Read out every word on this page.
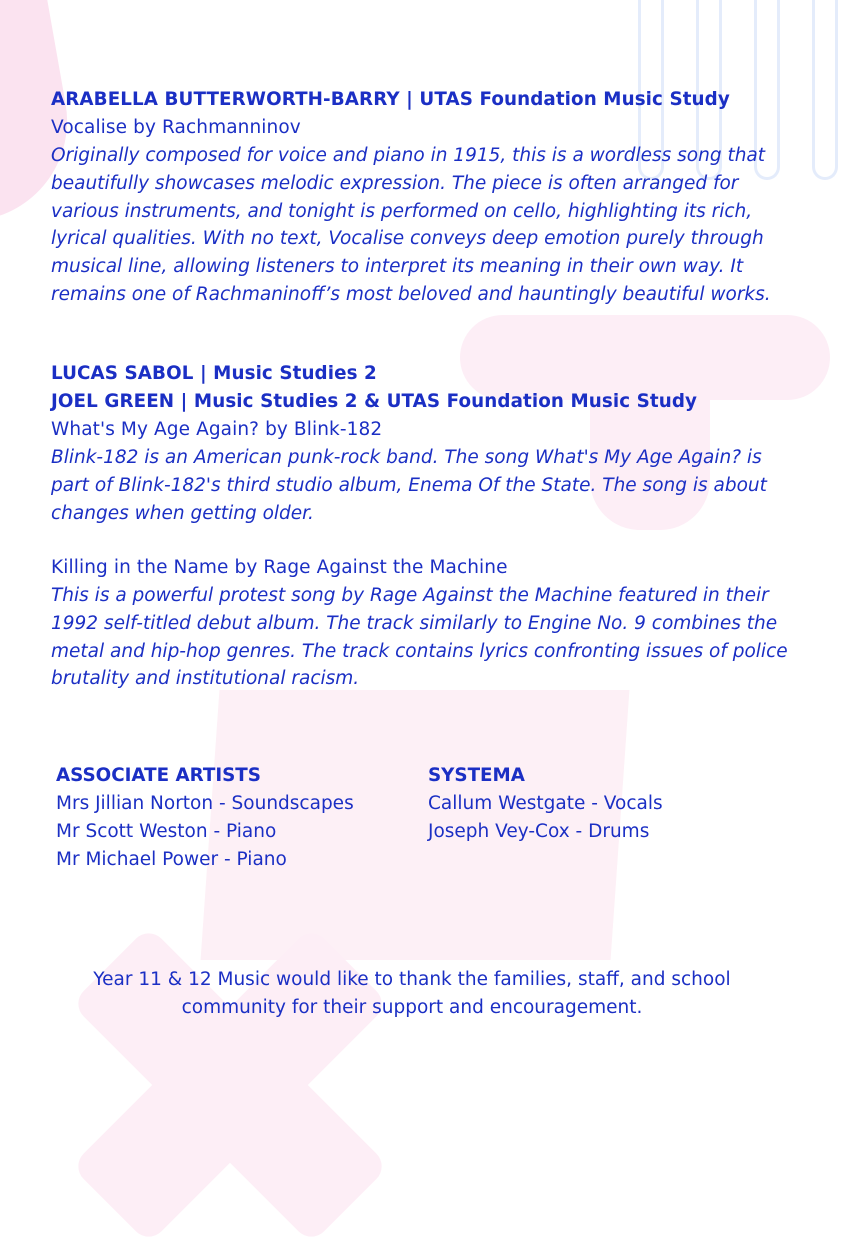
ARABELLA BUTTERWORTH-BARRY | UTAS Foundation Music Study

Vocalise by Rachmanninov

Originally composed for voice and piano in 1915, this is a wordless song that
beautifully showcases melodic expression. The piece is often arranged for
various instruments, and tonight is performed on cello, highlighting its rich,
lyrical qualities. With no text, Vocalise conveys deep emotion purely through
musical line, allowing listeners to interpret its meaning in their own way. It
remains one of Rachmaninoff’s most beloved and hauntingly beautiful works.

LUCAS SABOL | Music Studies 2

JOEL GREEN | Music Studies 2 & UTAS Foundation Music Study

What's My Age Again? by Blink-182

Blink-182 is an American punk-rock band. The song What's My Age Again? is
part of Blink-182's third studio album, Enema Of the State. The song is about
changes when getting older.

Killing in the Name by Rage Against the Machine

This is a powerful protest song by Rage Against the Machine featured in their
1992 self-titled debut album. The track similarly to Engine No. 9 combines the
metal and hip-hop genres. The track contains lyrics confronting issues of police
brutality and institutional racism.
ASSOCIATE ARTISTS
Mrs Jillian Norton - Soundscapes
Mr Scott Weston - Piano
Mr Michael Power - Piano
SYSTEMA
Callum Westgate - Vocals
Joseph Vey-Cox - Drums
Year 11 & 12 Music would like to thank the families, staff, and school
community for their support and encouragement.
